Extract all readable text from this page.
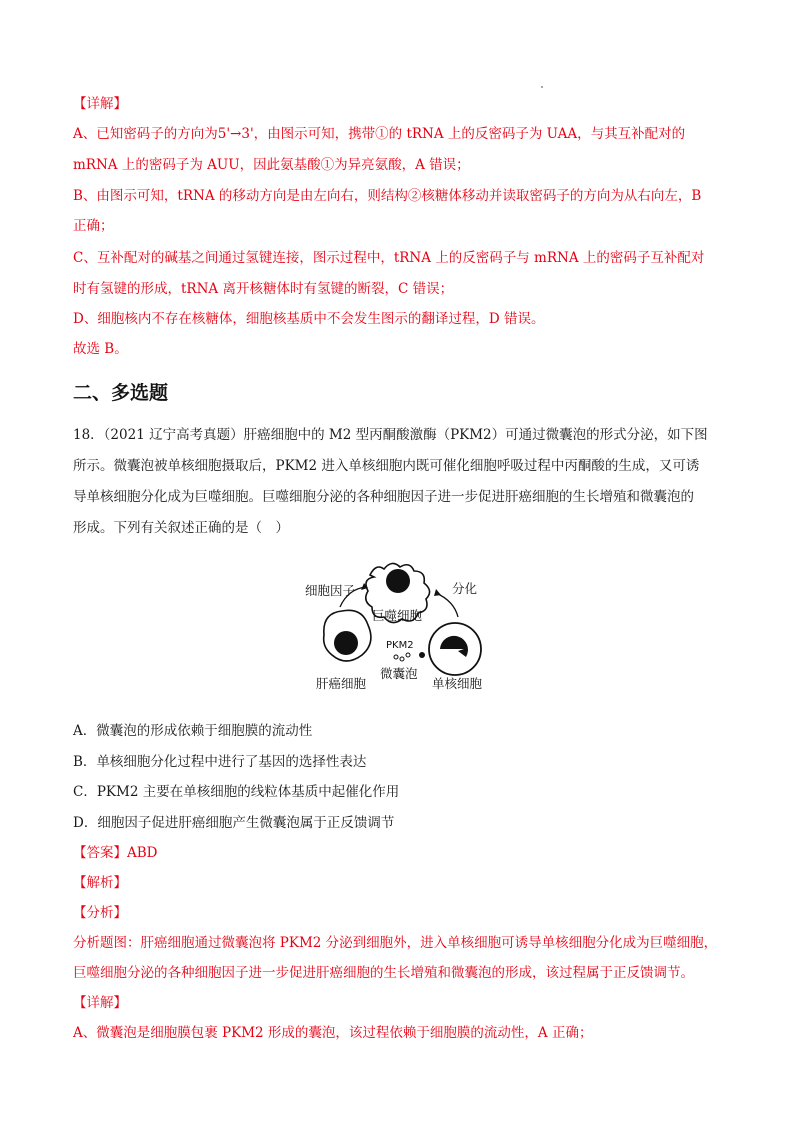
【详解】
A、已知密码子的方向为5'→3'，由图示可知，携带①的 tRNA 上的反密码子为 UAA，与其互补配对的
mRNA 上的密码子为 AUU，因此氨基酸①为异亮氨酸，A 错误；
B、由图示可知，tRNA 的移动方向是由左向右，则结构②核糖体移动并读取密码子的方向为从右向左，B
正确；
C、互补配对的碱基之间通过氢键连接，图示过程中，tRNA 上的反密码子与 mRNA 上的密码子互补配对
时有氢键的形成，tRNA 离开核糖体时有氢键的断裂，C 错误；
D、细胞核内不存在核糖体，细胞核基质中不会发生图示的翻译过程，D 错误。
故选 B。
二、多选题
18．（2021 辽宁高考真题）肝癌细胞中的 M2 型丙酮酸激酶（PKM2）可通过微囊泡的形式分泌，如下图
所示。微囊泡被单核细胞摄取后，PKM2 进入单核细胞内既可催化细胞呼吸过程中丙酮酸的生成，又可诱
导单核细胞分化成为巨噬细胞。巨噬细胞分泌的各种细胞因子进一步促进肝癌细胞的生长增殖和微囊泡的
形成。下列有关叙述正确的是（　）
细胞因子
巨噬细胞
分化
肝癌细胞	单核细胞
PKM2
微囊泡
A．微囊泡的形成依赖于细胞膜的流动性
B．单核细胞分化过程中进行了基因的选择性表达
C．PKM2 主要在单核细胞的线粒体基质中起催化作用
D．细胞因子促进肝癌细胞产生微囊泡属于正反馈调节
【答案】ABD
【解析】
【分析】
分析题图：肝癌细胞通过微囊泡将 PKM2 分泌到细胞外，进入单核细胞可诱导单核细胞分化成为巨噬细胞，
巨噬细胞分泌的各种细胞因子进一步促进肝癌细胞的生长增殖和微囊泡的形成，该过程属于正反馈调节。
【详解】
A、微囊泡是细胞膜包裹 PKM2 形成的囊泡，该过程依赖于细胞膜的流动性，A 正确；
